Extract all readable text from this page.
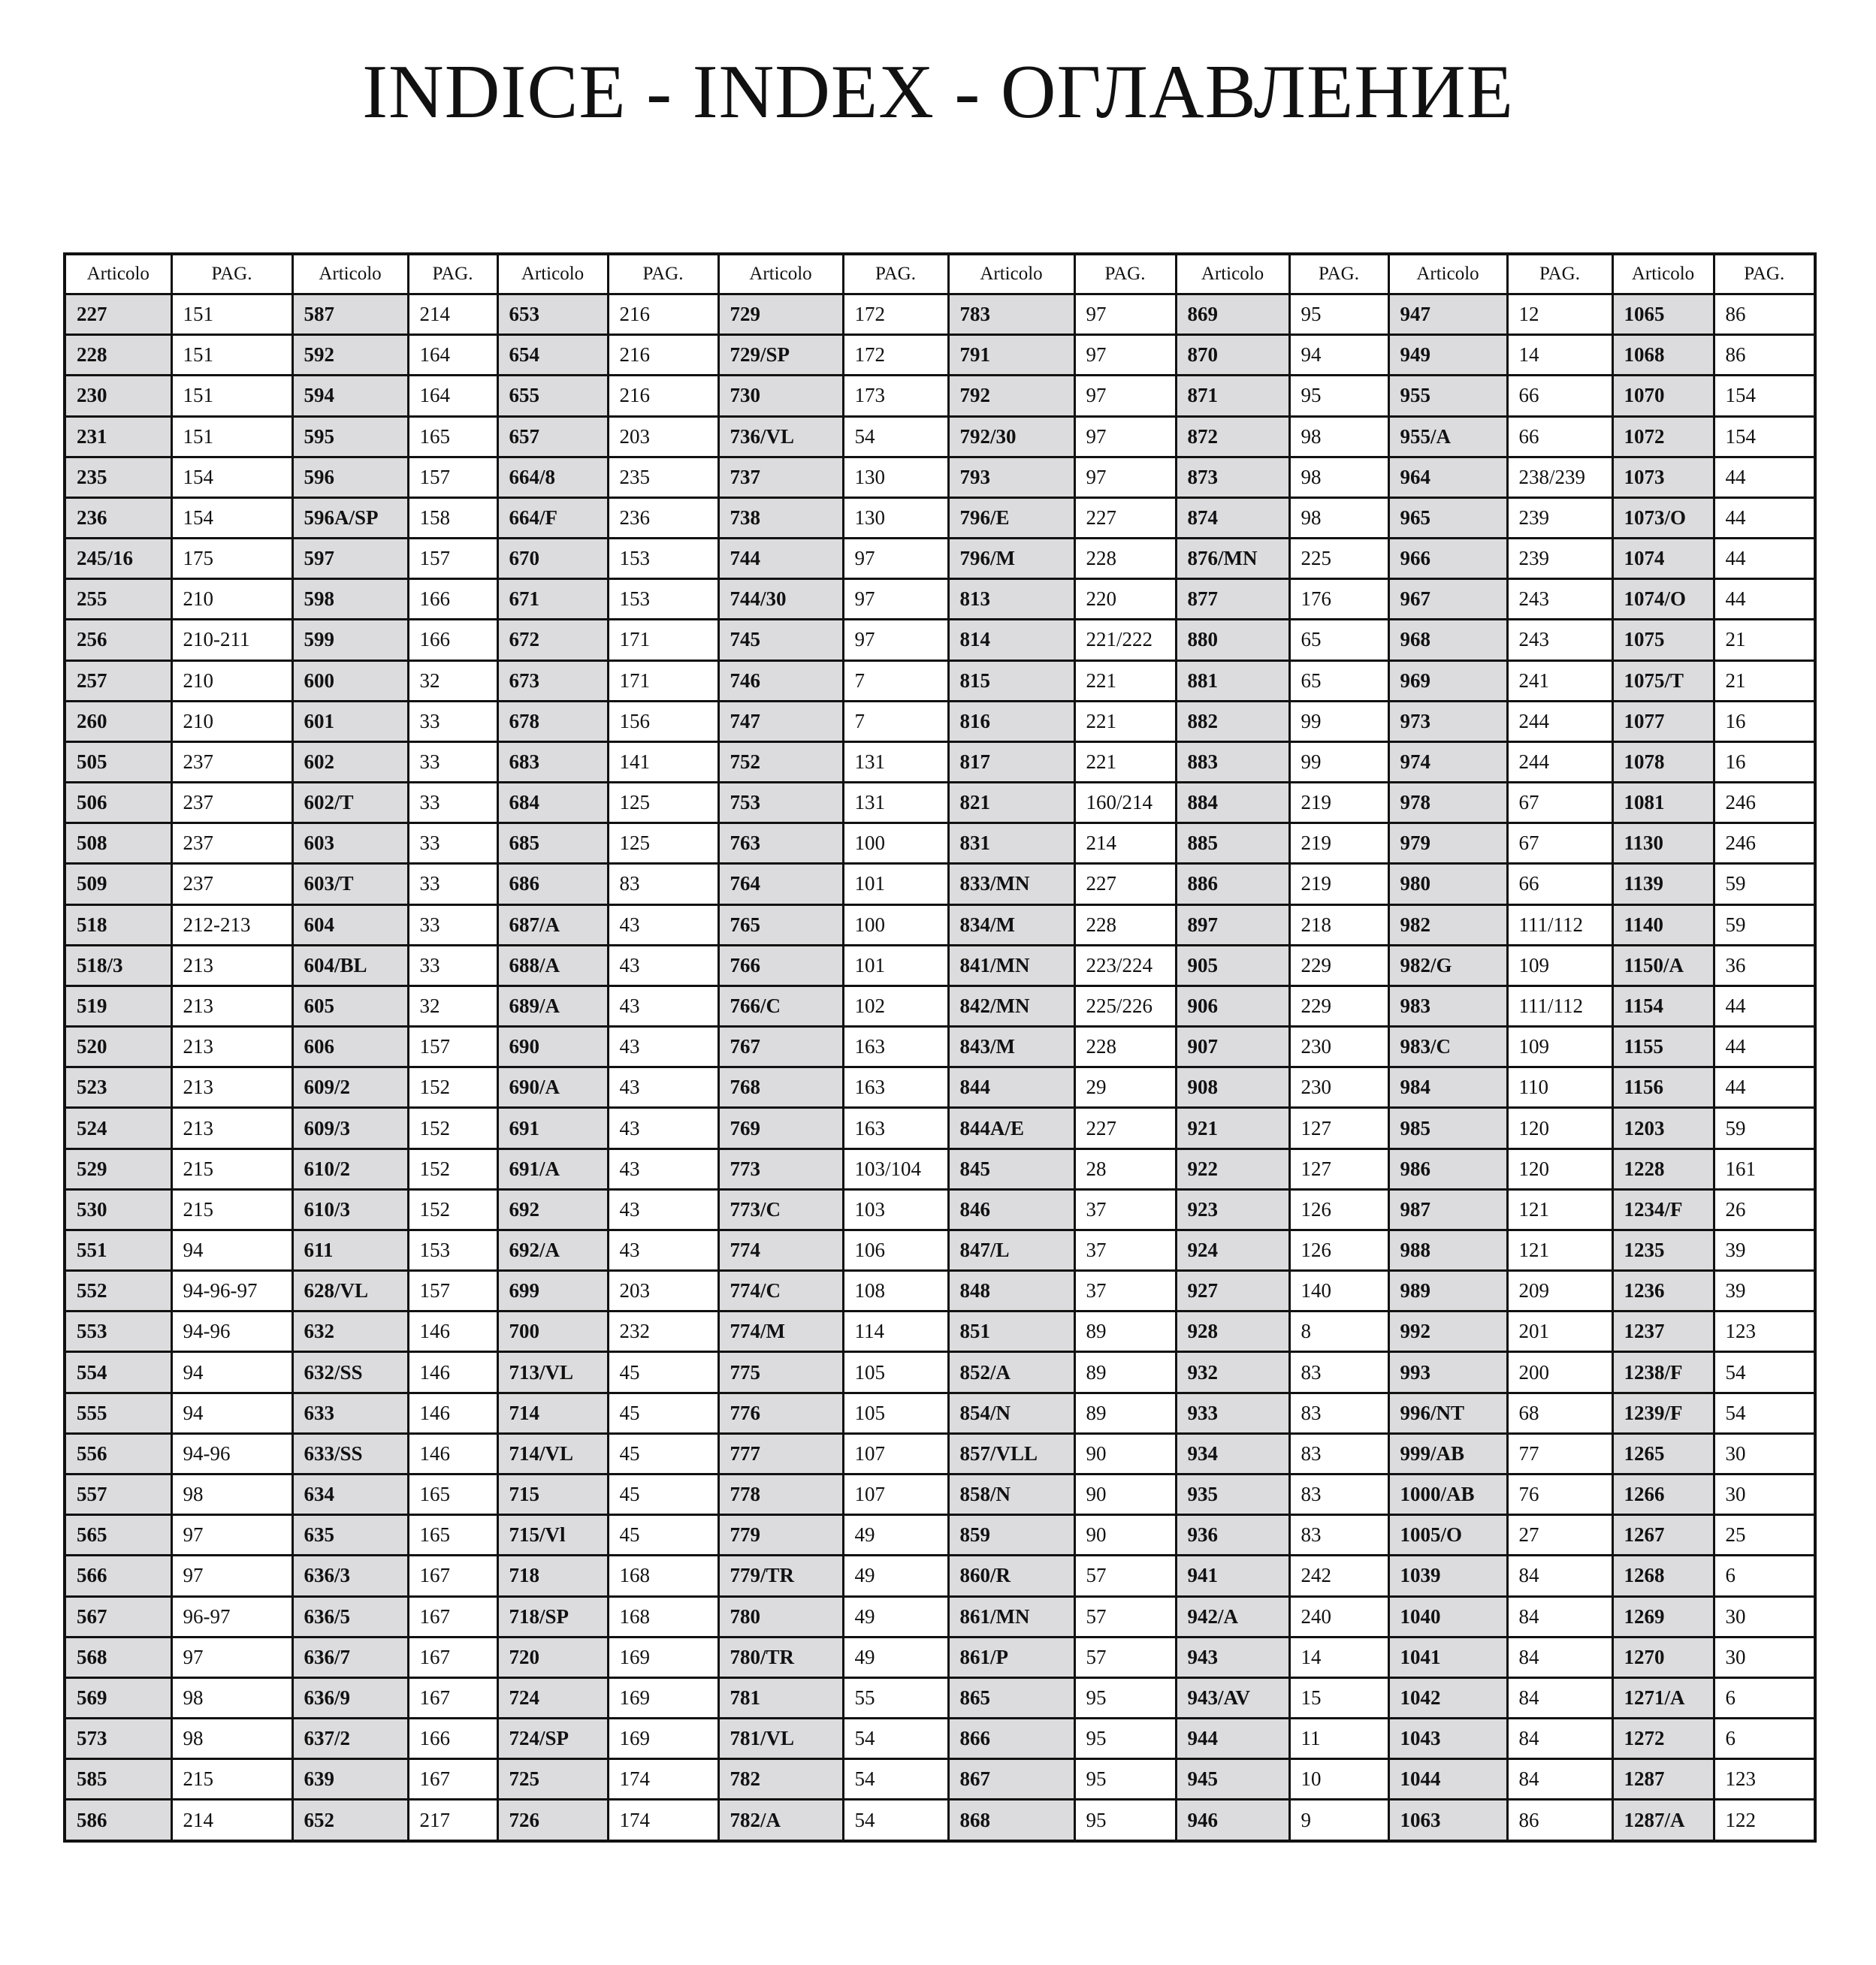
INDICE - INDEX - ОГЛАВЛЕНИЕ
Articolo	PAG.	Articolo	PAG.	Articolo	PAG.	Articolo	PAG.	Articolo	PAG.	Articolo	PAG.	Articolo	PAG.	Articolo	PAG.
227	151	587	214	653	216	729	172	783	97	869	95	947	12	1065	86
228	151	592	164	654	216	729/SP	172	791	97	870	94	949	14	1068	86
230	151	594	164	655	216	730	173	792	97	871	95	955	66	1070	154
231	151	595	165	657	203	736/VL	54	792/30	97	872	98	955/A	66	1072	154
235	154	596	157	664/8	235	737	130	793	97	873	98	964	238/239	1073	44
236	154	596A/SP	158	664/F	236	738	130	796/E	227	874	98	965	239	1073/O	44
245/16	175	597	157	670	153	744	97	796/M	228	876/MN	225	966	239	1074	44
255	210	598	166	671	153	744/30	97	813	220	877	176	967	243	1074/O	44
256	210-211	599	166	672	171	745	97	814	221/222	880	65	968	243	1075	21
257	210	600	32	673	171	746	7	815	221	881	65	969	241	1075/T	21
260	210	601	33	678	156	747	7	816	221	882	99	973	244	1077	16
505	237	602	33	683	141	752	131	817	221	883	99	974	244	1078	16
506	237	602/T	33	684	125	753	131	821	160/214	884	219	978	67	1081	246
508	237	603	33	685	125	763	100	831	214	885	219	979	67	1130	246
509	237	603/T	33	686	83	764	101	833/MN	227	886	219	980	66	1139	59
518	212-213	604	33	687/A	43	765	100	834/M	228	897	218	982	111/112	1140	59
518/3	213	604/BL	33	688/A	43	766	101	841/MN	223/224	905	229	982/G	109	1150/A	36
519	213	605	32	689/A	43	766/C	102	842/MN	225/226	906	229	983	111/112	1154	44
520	213	606	157	690	43	767	163	843/M	228	907	230	983/C	109	1155	44
523	213	609/2	152	690/A	43	768	163	844	29	908	230	984	110	1156	44
524	213	609/3	152	691	43	769	163	844A/E	227	921	127	985	120	1203	59
529	215	610/2	152	691/A	43	773	103/104	845	28	922	127	986	120	1228	161
530	215	610/3	152	692	43	773/C	103	846	37	923	126	987	121	1234/F	26
551	94	611	153	692/A	43	774	106	847/L	37	924	126	988	121	1235	39
552	94-96-97	628/VL	157	699	203	774/C	108	848	37	927	140	989	209	1236	39
553	94-96	632	146	700	232	774/M	114	851	89	928	8	992	201	1237	123
554	94	632/SS	146	713/VL	45	775	105	852/A	89	932	83	993	200	1238/F	54
555	94	633	146	714	45	776	105	854/N	89	933	83	996/NT	68	1239/F	54
556	94-96	633/SS	146	714/VL	45	777	107	857/VLL	90	934	83	999/AB	77	1265	30
557	98	634	165	715	45	778	107	858/N	90	935	83	1000/AB	76	1266	30
565	97	635	165	715/Vl	45	779	49	859	90	936	83	1005/O	27	1267	25
566	97	636/3	167	718	168	779/TR	49	860/R	57	941	242	1039	84	1268	6
567	96-97	636/5	167	718/SP	168	780	49	861/MN	57	942/A	240	1040	84	1269	30
568	97	636/7	167	720	169	780/TR	49	861/P	57	943	14	1041	84	1270	30
569	98	636/9	167	724	169	781	55	865	95	943/AV	15	1042	84	1271/A	6
573	98	637/2	166	724/SP	169	781/VL	54	866	95	944	11	1043	84	1272	6
585	215	639	167	725	174	782	54	867	95	945	10	1044	84	1287	123
586	214	652	217	726	174	782/A	54	868	95	946	9	1063	86	1287/A	122
